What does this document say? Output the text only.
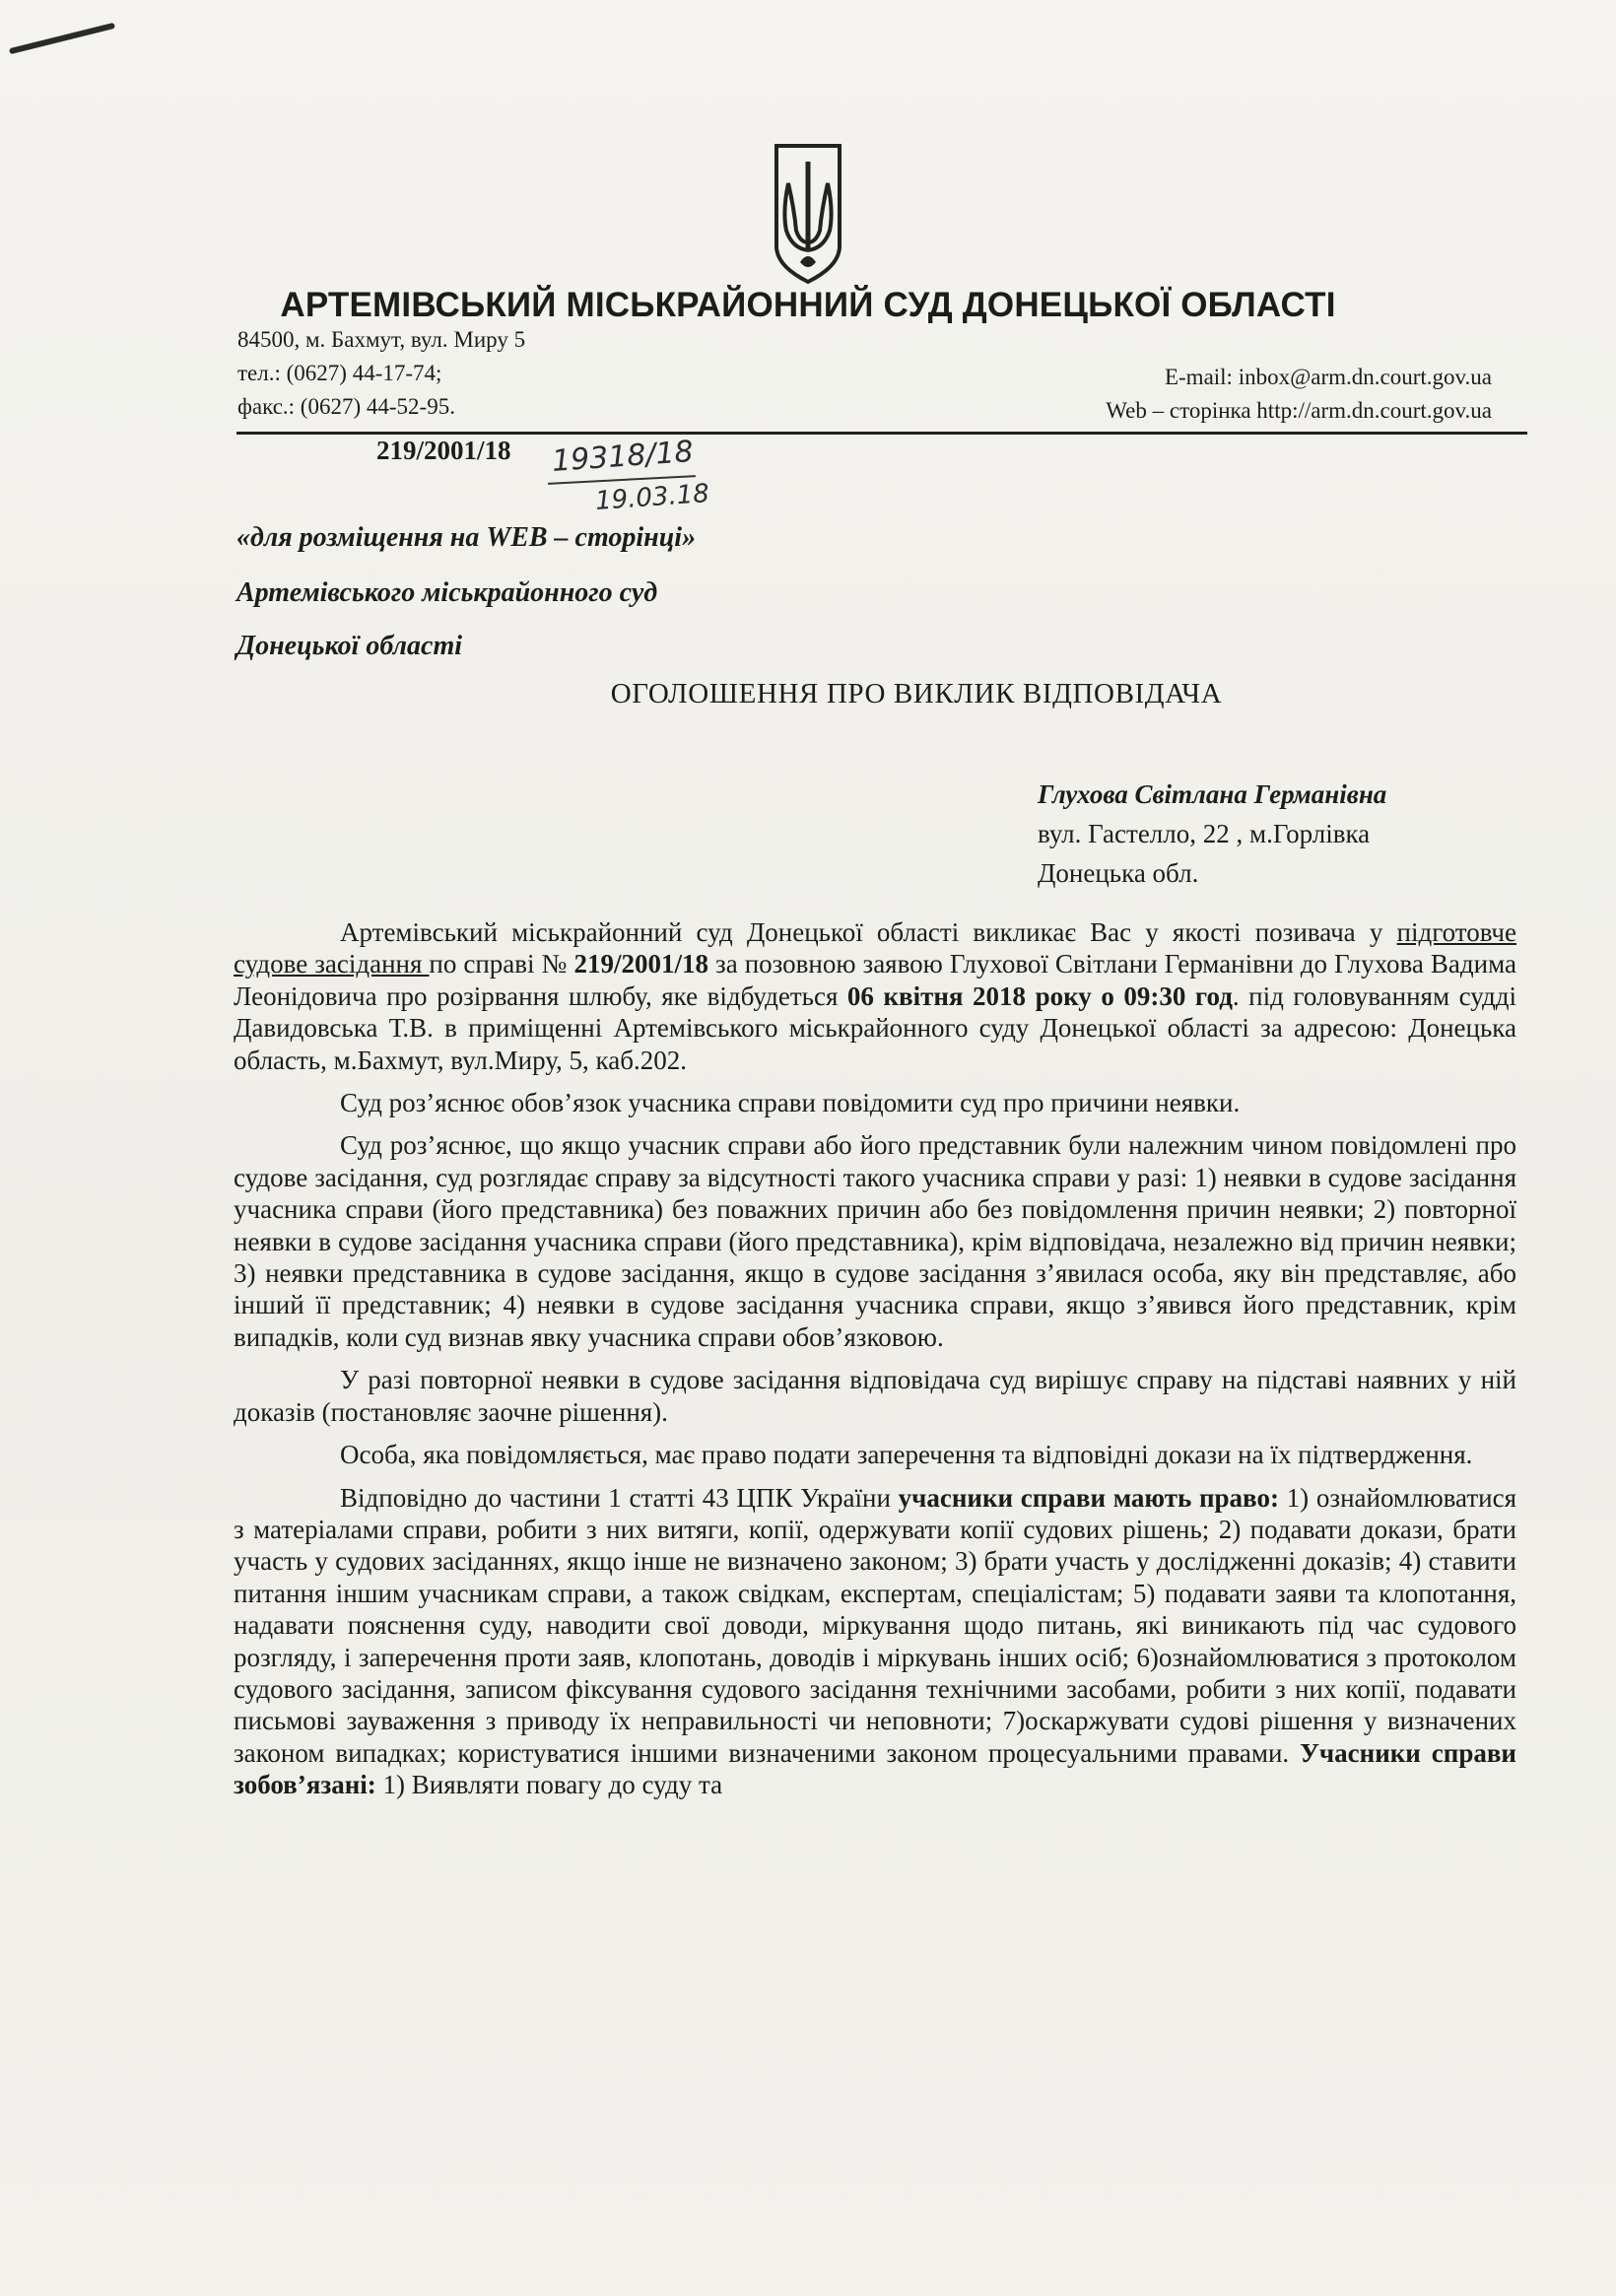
АРТЕМІВСЬКИЙ МІСЬКРАЙОННИЙ СУД ДОНЕЦЬКОЇ ОБЛАСТІ
84500, м. Бахмут, вул. Миру 5
тел.: (0627) 44-17-74;
факс.: (0627) 44-52-95.
E-mail: inbox@arm.dn.court.gov.ua
Web – сторінка http://arm.dn.court.gov.ua
219/2001/18 19318/18
19.03.18
«для розміщення на WEB – сторінці»
Артемівського міськрайонного суд
Донецької області
ОГОЛОШЕННЯ ПРО ВИКЛИК ВІДПОВІДАЧА
Глухова Світлана Германівна
вул. Гастелло, 22 , м.Горлівка
Донецька обл.

Артемівський міськрайонний суд Донецької області викликає Вас у якості позивача у підготовче судове засідання по справі № 219/2001/18 за позовною заявою Глухової Світлани Германівни до Глухова Вадима Леонідовича про розірвання шлюбу, яке відбудеться 06 квітня 2018 року о 09:30 год. під головуванням судді Давидовська Т.В. в приміщенні Артемівського міськрайонного суду Донецької області за адресою: Донецька область, м.Бахмут, вул.Миру, 5, каб.202.

Суд роз’яснює обов’язок учасника справи повідомити суд про причини неявки.

Суд роз’яснює, що якщо учасник справи або його представник були належним чином повідомлені про судове засідання, суд розглядає справу за відсутності такого учасника справи у разі: 1) неявки в судове засідання учасника справи (його представника) без поважних причин або без повідомлення причин неявки; 2) повторної неявки в судове засідання учасника справи (його представника), крім відповідача, незалежно від причин неявки; 3) неявки представника в судове засідання, якщо в судове засідання з’явилася особа, яку він представляє, або інший її представник; 4) неявки в судове засідання учасника справи, якщо з’явився його представник, крім випадків, коли суд визнав явку учасника справи обов’язковою.

У разі повторної неявки в судове засідання відповідача суд вирішує справу на підставі наявних у ній доказів (постановляє заочне рішення).

Особа, яка повідомляється, має право подати заперечення та відповідні докази на їх підтвердження.

Відповідно до частини 1 статті 43 ЦПК України учасники справи мають право: 1) ознайомлюватися з матеріалами справи, робити з них витяги, копії, одержувати копії судових рішень; 2) подавати докази, брати участь у судових засіданнях, якщо інше не визначено законом; 3) брати участь у дослідженні доказів; 4) ставити питання іншим учасникам справи, а також свідкам, експертам, спеціалістам; 5) подавати заяви та клопотання, надавати пояснення суду, наводити свої доводи, міркування щодо питань, які виникають під час судового розгляду, і заперечення проти заяв, клопотань, доводів і міркувань інших осіб; 6)ознайомлюватися з протоколом судового засідання, записом фіксування судового засідання технічними засобами, робити з них копії, подавати письмові зауваження з приводу їх неправильності чи неповноти; 7)оскаржувати судові рішення у визначених законом випадках; користуватися іншими визначеними законом процесуальними правами. Учасники справи зобов’язані: 1) Виявляти повагу до суду та
